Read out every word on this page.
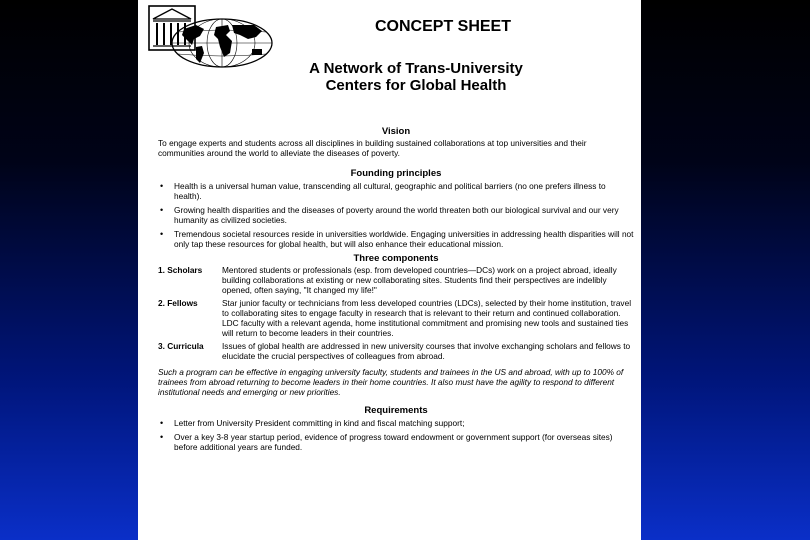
CONCEPT SHEET
A Network of Trans-University
Centers for Global Health
Vision

To engage experts and students across all disciplines in building sustained collaborations at top universities and their communities around the world to alleviate the diseases of poverty.

Founding principles
• Health is a universal human value, transcending all cultural, geographic and political barriers (no one prefers illness to health).
• Growing health disparities and the diseases of poverty around the world threaten both our biological survival and our very humanity as civilized societies.
• Tremendous societal resources reside in universities worldwide. Engaging universities in addressing health disparities will not only tap these resources for global health, but will also enhance their educational mission.
Three components
1. Scholars	Mentored students or professionals (esp. from developed countries—DCs) work on a project abroad, ideally building collaborations at existing or new collaborating sites. Students find their perspectives are indelibly opened, often saying, "It changed my life!"
2. Fellows	Star junior faculty or technicians from less developed countries (LDCs), selected by their home institution, travel to collaborating sites to engage faculty in research that is relevant to their return and continued collaboration. LDC faculty with a relevant agenda, home institutional commitment and promising new tools and sustained ties will return to become leaders in their countries.
3. Curricula	Issues of global health are addressed in new university courses that involve exchanging scholars and fellows to elucidate the crucial perspectives of colleagues from abroad.

Such a program can be effective in engaging university faculty, students and trainees in the US and abroad, with up to 100% of trainees from abroad returning to become leaders in their home countries. It also must have the agility to respond to different institutional needs and emerging or new priorities.

Requirements
• Letter from University President committing in kind and fiscal matching support;
• Over a key 3-8 year startup period, evidence of progress toward endowment or government support (for overseas sites) before additional years are funded.
